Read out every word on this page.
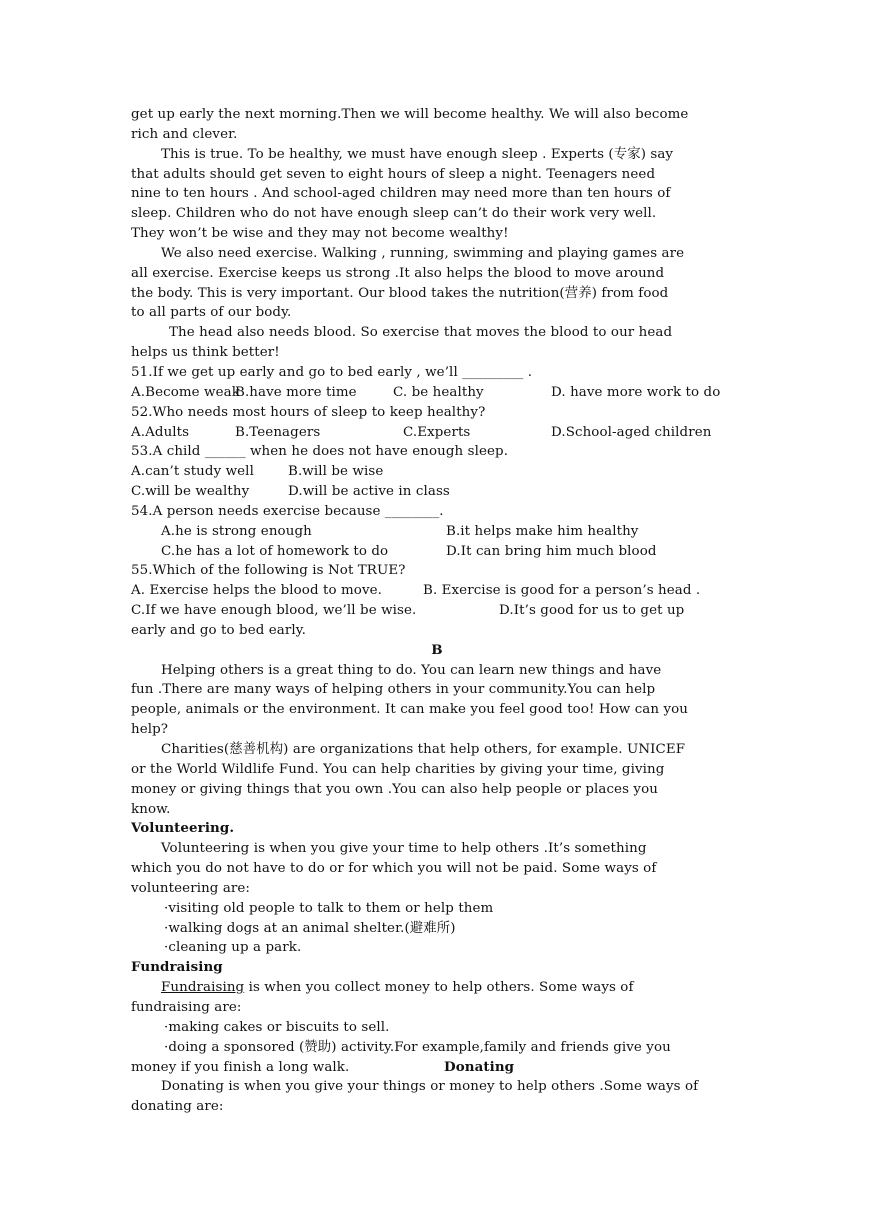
get up early the next morning.Then we will become healthy. We will also become
rich and clever.
This is true. To be healthy, we must have enough sleep . Experts (专家) say
that adults should get seven to eight hours of sleep a night. Teenagers need
nine to ten hours . And school-aged children may need more than ten hours of
sleep. Children who do not have enough sleep can’t do their work very well.
They won’t be wise and they may not become wealthy!
We also need exercise. Walking , running, swimming and playing games are
all exercise. Exercise keeps us strong .It also helps the blood to move around
the body. This is very important. Our blood takes the nutrition(营养) from food
to all parts of our body.
The head also needs blood. So exercise that moves the blood to our head
helps us think better!
51.If we get up early and go to bed early , we’ll _________ .
A.Become weak
B.have more time	C. be healthy	D. have more work to do
52.Who needs most hours of sleep to keep healthy?
A.Adults	B.Teenagers	C.Experts	D.School-aged children
53.A child ______ when he does not have enough sleep.
A.can’t study well	B.will be wise
C.will be wealthy	D.will be active in class
54.A person needs exercise because ________.
A.he is strong enough	B.it helps make him healthy
C.he has a lot of homework to do	D.It can bring him much blood
55.Which of the following is Not TRUE?
A. Exercise helps the blood to move.	B. Exercise is good for a person’s head .
C.If we have enough blood, we’ll be wise.	D.It’s good for us to get up
early and go to bed early.
B
Helping others is a great thing to do. You can learn new things and have
fun .There are many ways of helping others in your community.You can help
people, animals or the environment. It can make you feel good too! How can you
help?
Charities(慈善机构) are organizations that help others, for example. UNICEF
or the World Wildlife Fund. You can help charities by giving your time, giving
money or giving things that you own .You can also help people or places you
know.
Volunteering.
Volunteering is when you give your time to help others .It’s something
which you do not have to do or for which you will not be paid. Some ways of
volunteering are:
·visiting old people to talk to them or help them
·walking dogs at an animal shelter.(避难所)
·cleaning up a park.
Fundraising
Fundraising is when you collect money to help others. Some ways of
fundraising are:
·making cakes or biscuits to sell.
·doing a sponsored (赞助) activity.For example,family and friends give you
money if you finish a long walk.	Donating
Donating is when you give your things or money to help others .Some ways of
donating are:
